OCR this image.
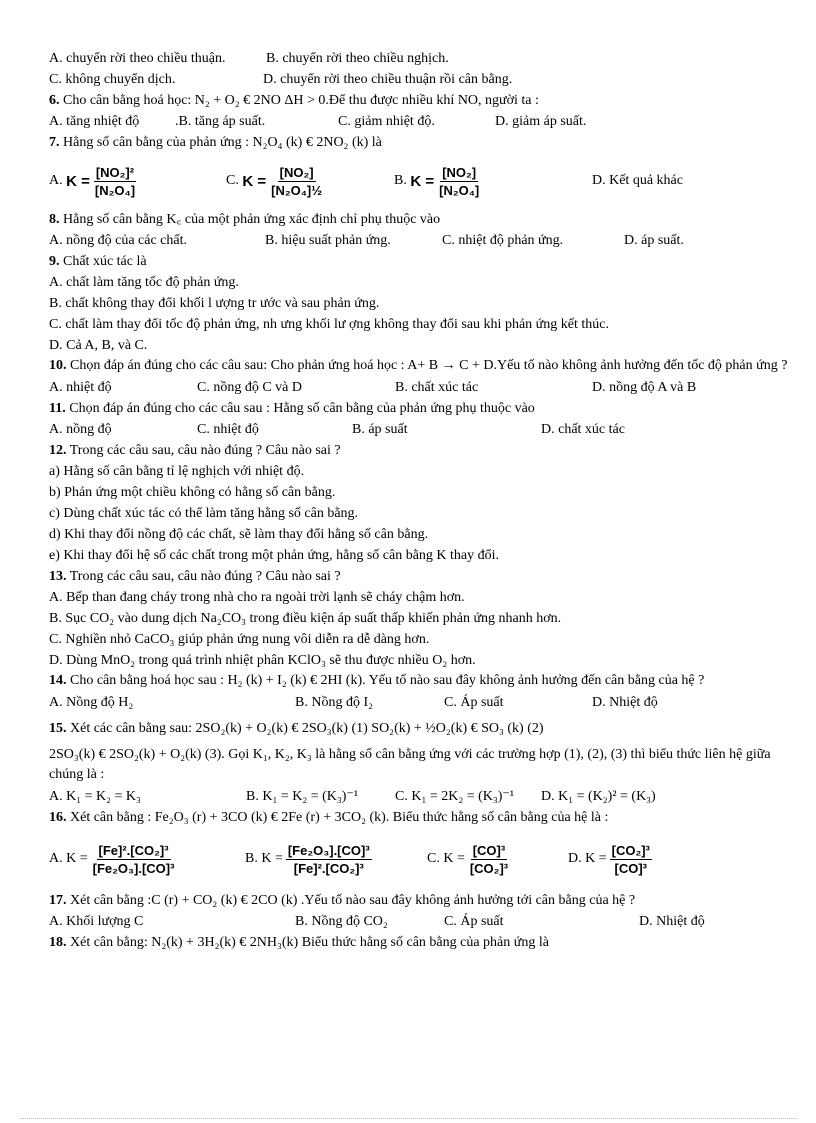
A. chuyển rời theo chiều thuận.	B. chuyển rời theo chiều nghịch.
C. không chuyển dịch.	D. chuyển rời theo chiều thuận rồi cân bằng.
6. Cho cân bằng hoá học: N₂ + O₂ € 2NO ΔH > 0.Để thu được nhiều khí NO, người ta :
A. tăng nhiệt độ	.B. tăng áp suất.	C. giảm nhiệt độ.	D. giảm áp suất.
7. Hằng số cân bằng của phản ứng : N₂O₄ (k) € 2NO₂ (k) là
A.
$K = \frac{\text{[NO₂]²}}{\text{[N₂O₄]}}$	C.
$K = \frac{\text{[NO₂]}}{\text{[N₂O₄]½}}$	B.
$K = \frac{\text{[NO₂]}}{\text{[N₂O₄]}}$	D. Kết quả khác
8. Hằng số cân bằng K꜀ của một phản ứng xác định chỉ phụ thuộc vào
A. nồng độ của các chất.	B. hiệu suất phản ứng.	C. nhiệt độ phản ứng.	D. áp suất.
9. Chất xúc tác là
A. chất làm tăng tốc độ phản ứng.
B. chất không thay đổi khối l ượng tr ước và sau phản ứng.
C. chất làm thay đổi tốc độ phản ứng, nh ưng khối lư ợng không thay đổi sau khi phản ứng kết thúc.
D. Cả A, B, và C.
10. Chọn đáp án đúng cho các câu sau: Cho phản ứng hoá học : A+ B → C + D.Yếu tố nào không ảnh hưởng đến tốc độ phản ứng ?
A. nhiệt độ	C. nồng độ C và D	B. chất xúc tác	D. nồng độ A và B
11. Chọn đáp án đúng cho các câu sau : Hằng số cân bằng của phản ứng phụ thuộc vào
A. nồng độ	C. nhiệt độ	B. áp suất	D. chất xúc tác
12. Trong các câu sau, câu nào đúng ? Câu nào sai ?
a) Hằng số cân bằng tỉ lệ nghịch với nhiệt độ.
b) Phản ứng một chiều không có hằng số cân bằng.
c) Dùng chất xúc tác có thể làm tăng hằng số cân bằng.
d) Khi thay đổi nồng độ các chất, sẽ làm thay đổi hằng số cân bằng.
e) Khi thay đổi hệ số các chất trong một phản ứng, hằng số cân bằng K thay đổi.
13. Trong các câu sau, câu nào đúng ? Câu nào sai ?
A. Bếp than đang cháy trong nhà cho ra ngoài trời lạnh sẽ cháy chậm hơn.
B. Sục CO₂ vào dung dịch Na₂CO₃ trong điều kiện áp suất thấp khiến phản ứng nhanh hơn.
C. Nghiền nhỏ CaCO₃ giúp phản ứng nung vôi diễn ra dễ dàng hơn.
D. Dùng MnO₂ trong quá trình nhiệt phân KClO₃ sẽ thu được nhiều O₂ hơn.
14. Cho cân bằng hoá học sau : H₂ (k) + I₂ (k) € 2HI (k). Yếu tố nào sau đây không ảnh hưởng đến cân bằng của hệ ?
A. Nồng độ H₂	B. Nồng độ I₂	C. Áp suất	D. Nhiệt độ
15. Xét các cân bằng sau: 2SO₂(k) + O₂(k) € 2SO₃(k) (1) SO₂(k) + ½O₂(k) € SO₃ (k) (2)
2SO₃(k) € 2SO₂(k) + O₂(k) (3). Gọi K₁, K₂, K₃ là hằng số cân bằng ứng với các trường hợp (1), (2), (3) thì biểu thức liên hệ giữa chúng là :
A. K₁ = K₂ = K₃	B. K₁ = K₂ = (K₃)⁻¹	C. K₁ = 2K₂ = (K₃)⁻¹ D. K₁ = (K₂)² = (K₃)
16. Xét cân bằng : Fe₂O₃ (r) + 3CO (k) € 2Fe (r) + 3CO₂ (k). Biểu thức hằng số cân bằng của hệ là :
A. $K = \frac{\text{[Fe]².[CO₂]³}}{\text{[Fe₂O₃].[CO]³}}$	B. $K = \frac{\text{[Fe₂O₃].[CO]³}}{\text{[Fe]².[CO₂]³}}$	C. $K = \frac{\text{[CO]³}}{\text{[CO₂]³}}$	D. $K = \frac{\text{[CO₂]³}}{\text{[CO]³}}$
17. Xét cân bằng :C (r) + CO₂ (k) € 2CO (k) .Yếu tố nào sau đây không ảnh hưởng tới cân bằng của hệ ?
A. Khối lượng C	B. Nồng độ CO₂	C. Áp suất	D. Nhiệt độ
18. Xét cân bằng: N₂(k) + 3H₂(k) € 2NH₃(k) Biểu thức hằng số cân bằng của phản ứng là
